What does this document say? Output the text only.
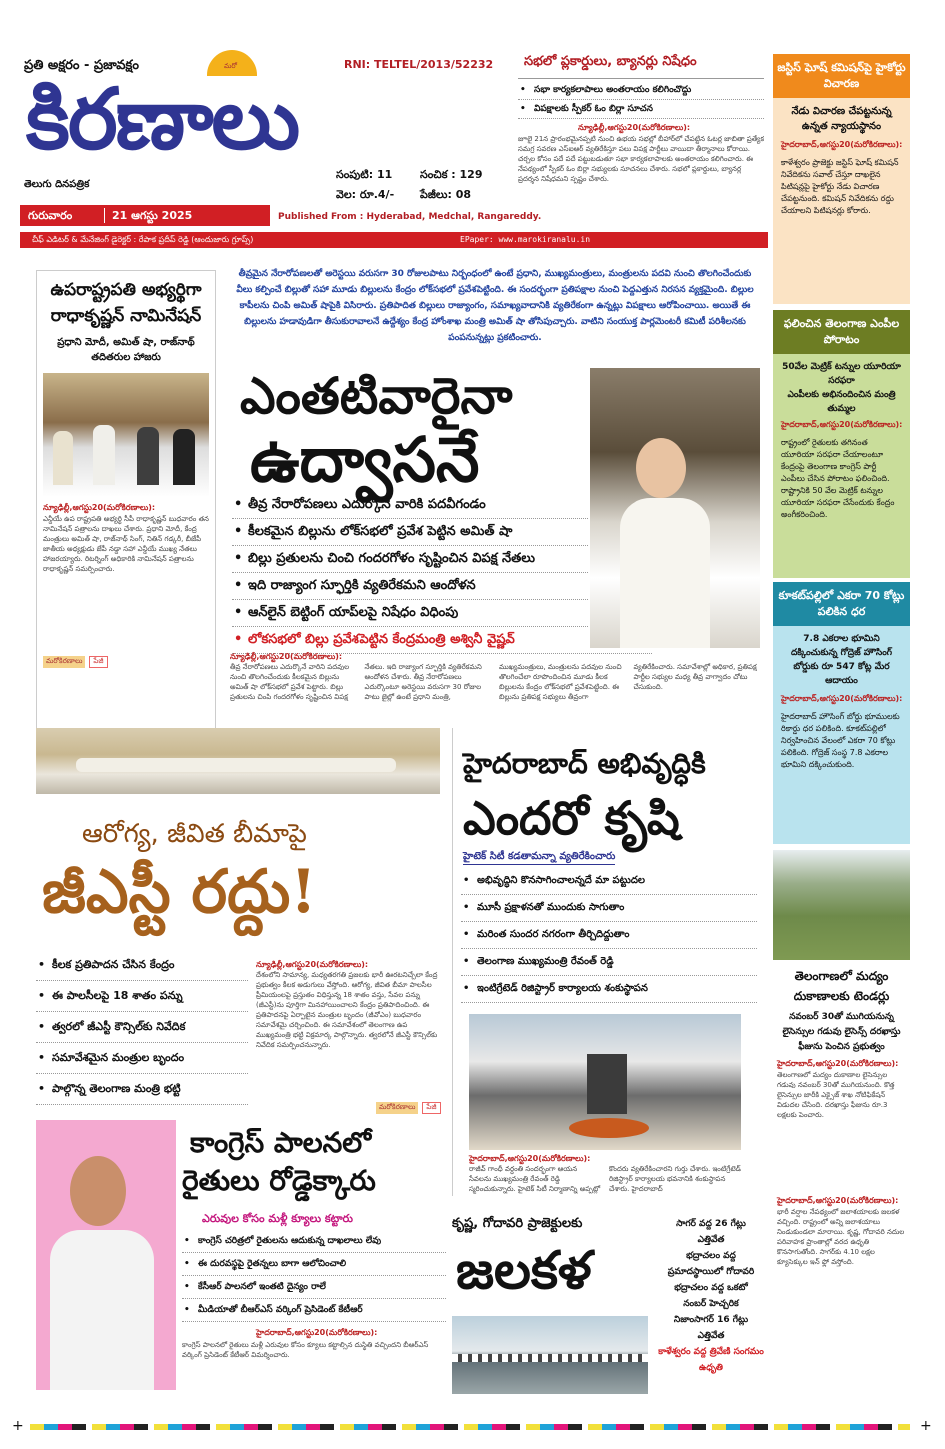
ప్రతి అక్షరం - ప్రజావక్షం	మరో
కిరణాలు
తెలుగు దినపత్రిక
RNI: TELTEL/2013/52232
సంపుటి: 11	సంచిక : 129
వెల: రూ.4/- పేజీలు: 08
గురువారం	21 ఆగస్టు 2025	Published From : Hyderabad, Medchal, Rangareddy.
చీఫ్ ఎడిటర్ & మేనేజింగ్ డైరెక్టర్ : రేపాక ప్రదీప్ రెడ్డి (ఆందుజారు గ్రూప్స్)	EPaper: www.marokiranalu.in
సభలో ప్లకార్డులు, బ్యానర్లు నిషేధం
• సభా కార్యకలాపాలు అంతరాయం కలిగించొద్దు
• విపక్షాలకు స్పీకర్ ఓం బిర్లా సూచన
న్యూఢిల్లీ,ఆగస్టు20(మరోకిరణాలు):
జూలై 21న ప్రారంభమైనప్పటి నుంచి ఉభయ సభల్లో బీహార్‌లో చేపట్టిన ఓటర్ల జాబితా ప్రత్యేక సమగ్ర సవరణ ఎస్ఐఆర్ వ్యతిరేకిస్తూ పలు విపక్ష పార్టీలు వాయిదా తీర్మానాలు కోరాయి. చర్చల కోసం పదే పదే పట్టుబడుతూ సభా కార్యకలాపాలకు అంతరాయం కలిగించారు. ఈ నేపథ్యంలో స్పీకర్ ఓం బిర్లా సభ్యులకు సూచనలు చేశారు. సభలో ప్లకార్డులు, బ్యానర్ల ప్రదర్శన నిషేధమని స్పష్టం చేశారు.
తీవ్రమైన నేరారోపణలతో అరెస్టయి వరుసగా 30 రోజులపాటు నిర్బంధంలో ఉంటే ప్రధాని, ముఖ్యమంత్రులు, మంత్రులను పదవి నుంచి తొలగించేందుకు వీలు కల్పించే బిల్లుతో సహా మూడు బిల్లులను కేంద్రం లోక్‌సభలో ప్రవేశపెట్టింది. ఈ సందర్భంగా ప్రతిపక్షాల నుంచి పెద్దఎత్తున నిరసన వ్యక్తమైంది. బిల్లుల కాపీలను చింపి అమిత్ షాపైకి విసిరారు. ప్రతిపాదిత బిల్లులు రాజ్యాంగం, సమాఖ్యవాదానికి వ్యతిరేకంగా ఉన్నట్లు విపక్షాలు ఆరోపించాయి. అయితే ఈ బిల్లులను హడావుడిగా తీసుకురావాలనే ఉద్దేశ్యం కేంద్ర హోంశాఖ మంత్రి అమిత్ షా తోసిపుచ్చారు. వాటిని సంయుక్త పార్లమెంటరీ కమిటీ పరిశీలనకు పంపనున్నట్లు ప్రకటించారు.
ఉపరాష్ట్రపతి అభ్యర్థిగా రాధాకృష్ణన్ నామినేషన్
ప్రధాని మోదీ, అమిత్ షా, రాజ్‌నాథ్ తదితరుల హాజరు
న్యూఢిల్లీ,ఆగస్టు20(మరోకిరణాలు):
ఎన్డీయే ఉప రాష్ట్రపతి అభ్యర్థి సీపీ రాధాకృష్ణన్ బుధవారం తన నామినేషన్ పత్రాలను దాఖలు చేశారు. ప్రధాని మోదీ, కేంద్ర మంత్రులు అమిత్ షా, రాజ్‌నాథ్ సింగ్, నితిన్ గడ్కరీ, బీజేపీ జాతీయ అధ్యక్షుడు జేపీ నడ్డా సహా ఎన్డీయే ముఖ్య నేతలు హాజరయ్యారు. రిటర్నింగ్ అధికారికి నామినేషన్ పత్రాలను రాధాకృష్ణన్ సమర్పించారు.
మరోకిరణాలు పేజీ
ఎంతటివారైనా
ఉద్వాసనే
• తీవ్ర నేరారోపణలు ఎదుర్కొనే వారికి పదవీగండం
• కీలకమైన బిల్లును లోక్‌సభలో ప్రవేశ పెట్టిన అమిత్ షా
• బిల్లు ప్రతులను చించి గందరగోళం సృష్టించిన విపక్ష నేతలు
• ఇది రాజ్యాంగ స్ఫూర్తికి వ్యతిరేకమని ఆందోళన
• ఆన్‌లైన్ బెట్టింగ్ యాప్‌లపై నిషేధం విధింపు
• లోకసభలో బిల్లు ప్రవేశపెట్టిన కేంద్రమంత్రి అశ్వినీ వైష్ణవ్
న్యూఢిల్లీ,ఆగస్టు20(మరోకిరణాలు):
తీవ్ర నేరారోపణలు ఎదుర్కొనే వారిని పదవుల నుంచి తొలగించేందుకు కీలకమైన బిల్లును అమిత్ షా లోక్‌సభలో ప్రవేశ పెట్టారు. బిల్లు ప్రతులను చింపి గందరగోళం సృష్టించిన విపక్ష నేతలు. ఇది రాజ్యాంగ స్ఫూర్తికి వ్యతిరేకమని ఆందోళన చేశారు. తీవ్ర నేరారోపణలు ఎదుర్కొంటూ అరెస్టయి వరుసగా 30 రోజుల పాటు జైల్లో ఉంటే ప్రధాని మంత్రి, ముఖ్యమంత్రులు, మంత్రులను పదవుల నుంచి తొలగించేలా రూపొందించిన మూడు కీలక బిల్లులను కేంద్రం లోక్‌సభలో ప్రవేశపెట్టింది. ఈ బిల్లును ప్రతిపక్ష సభ్యులు తీవ్రంగా వ్యతిరేకించారు. సమావేశాల్లో అధికార, ప్రతిపక్ష పార్టీల సభ్యుల మధ్య తీవ్ర వాగ్వాదం చోటు చేసుకుంది.
ఆరోగ్య, జీవిత బీమాపై
జీఎస్టీ రద్దు!
• కీలక ప్రతిపాదన చేసిన కేంద్రం
• ఈ పాలసీలపై 18 శాతం పన్ను
• త్వరలో జీఎస్టీ కౌన్సిల్‌కు నివేదిక
• సమావేశమైన మంత్రుల బృందం
• పాల్గొన్న తెలంగాణ మంత్రి భట్టి
న్యూఢిల్లీ,ఆగస్టు20(మరోకిరణాలు):
దేశంలోని సామాన్య, మధ్యతరగతి ప్రజలకు భారీ ఊరటనిచ్చేలా కేంద్ర ప్రభుత్వం కీలక అడుగులు వేస్తోంది. ఆరోగ్య, జీవిత బీమా పాలసీల ప్రీమియంలపై ప్రస్తుతం విధిస్తున్న 18 శాతం వస్తు, సేవల పన్ను (జీఎస్టీ)ను పూర్తిగా మినహాయించాలని కేంద్రం ప్రతిపాదించింది. ఈ ప్రతిపాదనపై ఏర్పాటైన మంత్రుల బృందం (జీవోఎం) బుధవారం సమావేశమై చర్చించింది. ఈ సమావేశంలో తెలంగాణ ఉప ముఖ్యమంత్రి భట్టి విక్రమార్క పాల్గొన్నారు. త్వరలోనే జీఎస్టీ కౌన్సిల్‌కు నివేదిక సమర్పించనున్నారు.
మరోకిరణాలు పేజీ
హైదరాబాద్ అభివృద్ధికి
ఎందరో కృషి
హైటెక్ సిటీ కడతామన్నా వ్యతిరేకించారు
• అభివృద్ధిని కొనసాగించాలన్నదే మా పట్టుదల
• మూసీ ప్రక్షాళనతో ముందుకు సాగుతాం
• మరింత సుందర నగరంగా తీర్చిదిద్దుతాం
• తెలంగాణ ముఖ్యమంత్రి రేవంత్ రెడ్డి
• ఇంటిగ్రేటెడ్ రిజిస్ట్రార్ కార్యాలయ శంకుస్థాపన
హైదరాబాద్,ఆగస్టు20(మరోకిరణాలు):
రాజీవ్ గాంధీ వర్ధంతి సందర్భంగా ఆయన సేవలను ముఖ్యమంత్రి రేవంత్ రెడ్డి స్మరించుకున్నారు. హైటెక్ సిటీ నిర్మాణాన్ని అప్పట్లో కొందరు వ్యతిరేకించారని గుర్తు చేశారు. ఇంటిగ్రేటెడ్ రిజిస్ట్రార్ కార్యాలయ భవనానికి శంకుస్థాపన చేశారు. హైదరాబాద్
కాంగ్రెస్ పాలనలో
రైతులు రోడ్డెక్కారు
ఎరువుల కోసం మళ్లీ క్యూలు కట్టారు
• కాంగ్రెస్ చరిత్రలో రైతులను ఆదుకున్న దాఖలాలు లేవు
• ఈ దురవస్థపై రైతన్నలు బాగా ఆలోచించాలి
• కేసీఆర్ పాలనలో ఇంతటి దైన్యం రాలే
• మీడియాతో బీఆర్ఎస్ వర్కింగ్ ప్రెసిడెంట్ కేటీఆర్
హైదరాబాద్,ఆగస్టు20(మరోకిరణాలు):
కాంగ్రెస్ పాలనలో రైతులు మళ్లీ ఎరువుల కోసం క్యూలు కట్టాల్సిన దుస్థితి వచ్చిందని బీఆర్ఎస్ వర్కింగ్ ప్రెసిడెంట్ కేటీఆర్ విమర్శించారు.
కృష్ణ, గోదావరి ప్రాజెక్టులకు
జలకళ
సాగర్ వద్ద 26 గేట్లు
ఎత్తివేత
భద్రాచలం వద్ద
ప్రమాదస్థాయిలో గోదావరి
భద్రాచలం వద్ద ఒకటో
నంబర్ హెచ్చరిక
నిజాంసాగర్ 16 గేట్లు
ఎత్తివేత
కాళేశ్వరం వద్ద త్రివేణి సంగమం ఉధృతి
జస్టిస్ ఘోష్ కమిషన్‌పై హైకోర్టు విచారణ
నేడు విచారణ చేపట్టనున్న ఉన్నత న్యాయస్థానం
హైదరాబాద్,ఆగస్టు20(మరోకిరణాలు):
కాళేశ్వరం ప్రాజెక్టు జస్టిస్ ఘోష్ కమిషన్ నివేదికను సవాల్ చేస్తూ దాఖలైన పిటిషన్లపై హైకోర్టు నేడు విచారణ చేపట్టనుంది. కమిషన్ నివేదికను రద్దు చేయాలని పిటిషనర్లు కోరారు.
ఫలించిన తెలంగాణ ఎంపీల పోరాటం
50వేల మెట్రిక్ టన్నుల యూరియా సరఫరా
ఎంపీలకు అభినందించిన మంత్రి తుమ్మల
హైదరాబాద్,ఆగస్టు20(మరోకిరణాలు):
రాష్ట్రంలో రైతులకు తగినంత యూరియా సరఫరా చేయాలంటూ కేంద్రంపై తెలంగాణ కాంగ్రెస్ పార్టీ ఎంపీలు చేసిన పోరాటం ఫలించింది. రాష్ట్రానికి 50 వేల మెట్రిక్ టన్నుల యూరియా సరఫరా చేసేందుకు కేంద్రం అంగీకరించింది.
కూకట్‌పల్లిలో ఎకరా 70 కోట్లు పలికిన ధర
7.8 ఎకరాల భూమిని దక్కించుకున్న గోద్రెజ్ హౌసింగ్ బోర్డుకు రూ 547 కోట్ల మేర ఆదాయం
హైదరాబాద్,ఆగస్టు20(మరోకిరణాలు):
హైదరాబాద్ హౌసింగ్ బోర్డు భూములకు రికార్డు ధర పలికింది. కూకట్‌పల్లిలో నిర్వహించిన వేలంలో ఎకరా 70 కోట్లు పలికింది. గోద్రెజ్ సంస్థ 7.8 ఎకరాల భూమిని దక్కించుకుంది.
తెలంగాణలో మద్యం దుకాణాలకు టెండర్లు
నవంబర్ 30తో ముగియనున్న లైసెన్సుల గడువు లైసెన్స్ దరఖాస్తు ఫీజును పెంచిన ప్రభుత్వం
హైదరాబాద్,ఆగస్టు20(మరోకిరణాలు):
తెలంగాణలో మద్యం దుకాణాల లైసెన్సుల గడువు నవంబర్ 30తో ముగియనుంది. కొత్త లైసెన్సుల జారీకి ఎక్సైజ్ శాఖ నోటిఫికేషన్ విడుదల చేసింది. దరఖాస్తు ఫీజును రూ.3 లక్షలకు పెంచారు.
హైదరాబాద్,ఆగస్టు20(మరోకిరణాలు):
భారీ వర్షాల నేపథ్యంలో జలాశయాలకు జలకళ వచ్చింది. రాష్ట్రంలో అన్ని జలాశయాలు నిండుకుండలా మారాయి. కృష్ణ, గోదావరి నదుల పరివాహక ప్రాంతాల్లో వరద ఉధృతి కొనసాగుతోంది. సాగర్‌కు 4.10 లక్షల క్యూసెక్కుల ఇన్ ఫ్లో వస్తోంది.
+	+
